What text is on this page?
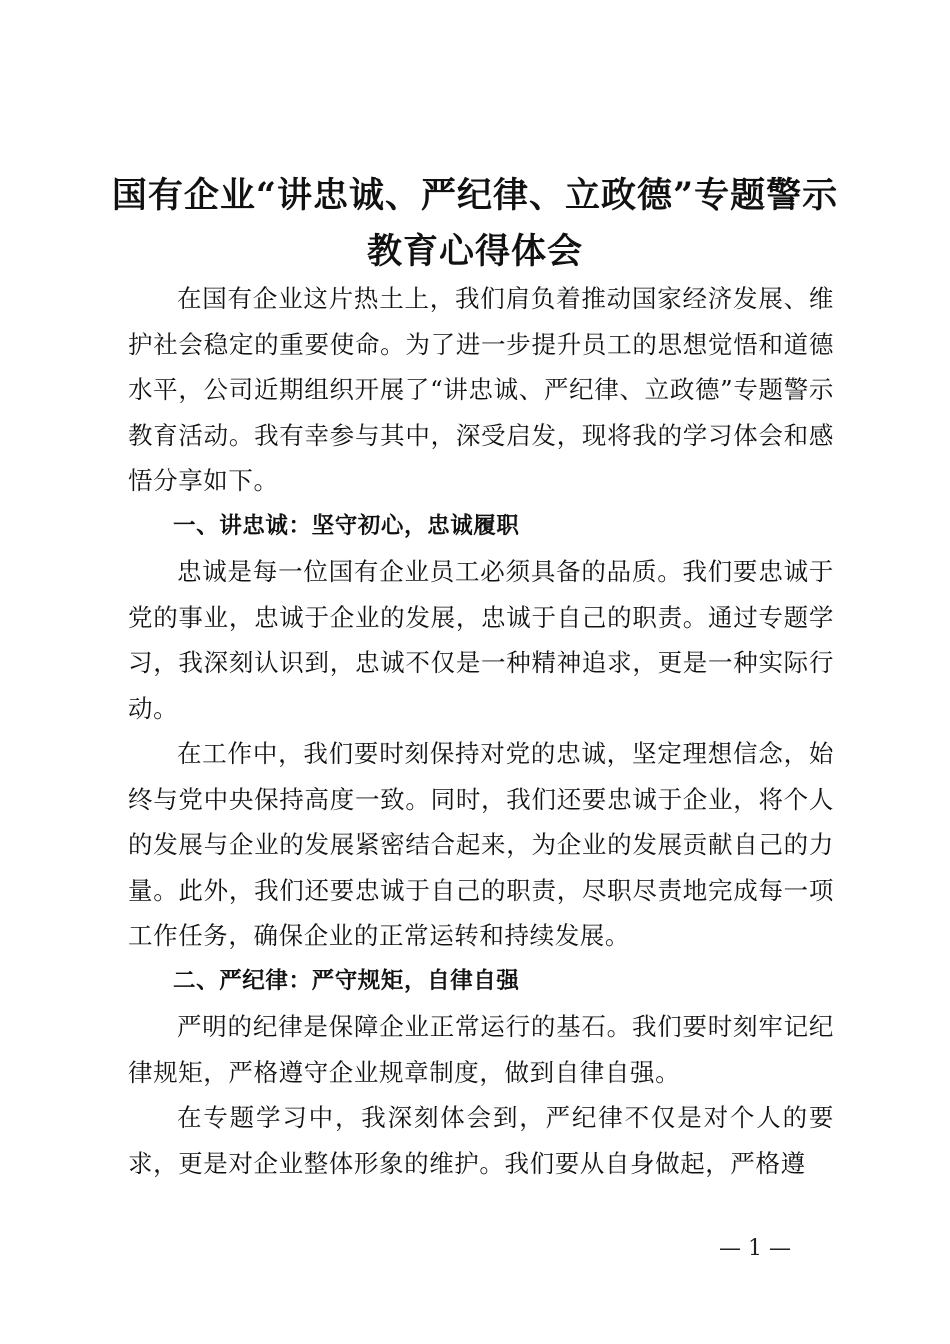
国有企业“讲忠诚、严纪律、立政德”专题警示教育心得体会

在国有企业这片热土上，我们肩负着推动国家经济发展、维护社会稳定的重要使命。为了进一步提升员工的思想觉悟和道德水平，公司近期组织开展了“讲忠诚、严纪律、立政德”专题警示教育活动。我有幸参与其中，深受启发，现将我的学习体会和感悟分享如下。

一、讲忠诚：坚守初心，忠诚履职

忠诚是每一位国有企业员工必须具备的品质。我们要忠诚于党的事业，忠诚于企业的发展，忠诚于自己的职责。通过专题学习，我深刻认识到，忠诚不仅是一种精神追求，更是一种实际行动。

在工作中，我们要时刻保持对党的忠诚，坚定理想信念，始终与党中央保持高度一致。同时，我们还要忠诚于企业，将个人的发展与企业的发展紧密结合起来，为企业的发展贡献自己的力量。此外，我们还要忠诚于自己的职责，尽职尽责地完成每一项工作任务，确保企业的正常运转和持续发展。

二、严纪律：严守规矩，自律自强

严明的纪律是保障企业正常运行的基石。我们要时刻牢记纪律规矩，严格遵守企业规章制度，做到自律自强。

在专题学习中，我深刻体会到，严纪律不仅是对个人的要求，更是对企业整体形象的维护。我们要从自身做起，严格遵

— 1 —
